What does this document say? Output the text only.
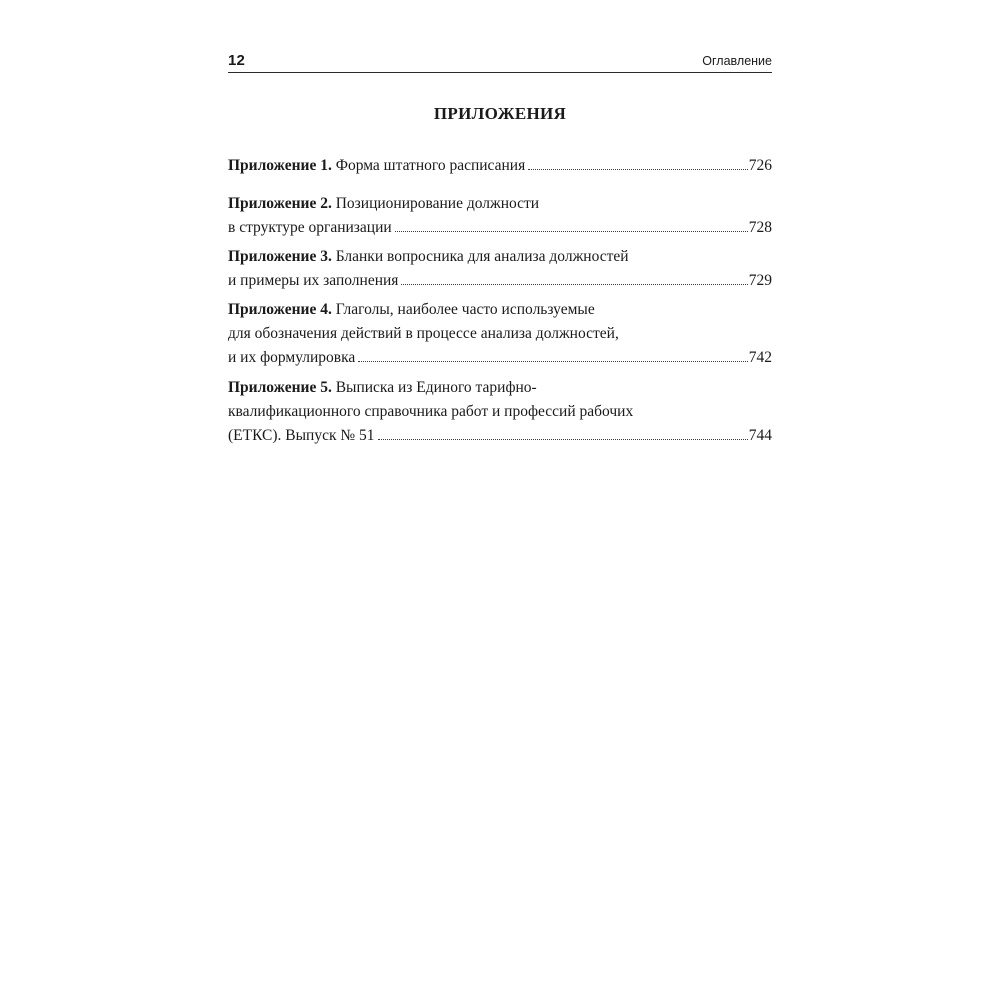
12	Оглавление
ПРИЛОЖЕНИЯ
Приложение 1. Форма штатного расписания	726
Приложение 2. Позиционирование должности
в структуре организации	728
Приложение 3. Бланки вопросника для анализа должностей
и примеры их заполнения	729
Приложение 4. Глаголы, наиболее часто используемые
для обозначения действий в процессе анализа должностей,
и их формулировка	742
Приложение 5. Выписка из Единого тарифно-
квалификационного справочника работ и профессий рабочих
(ЕТКС). Выпуск № 51	744
